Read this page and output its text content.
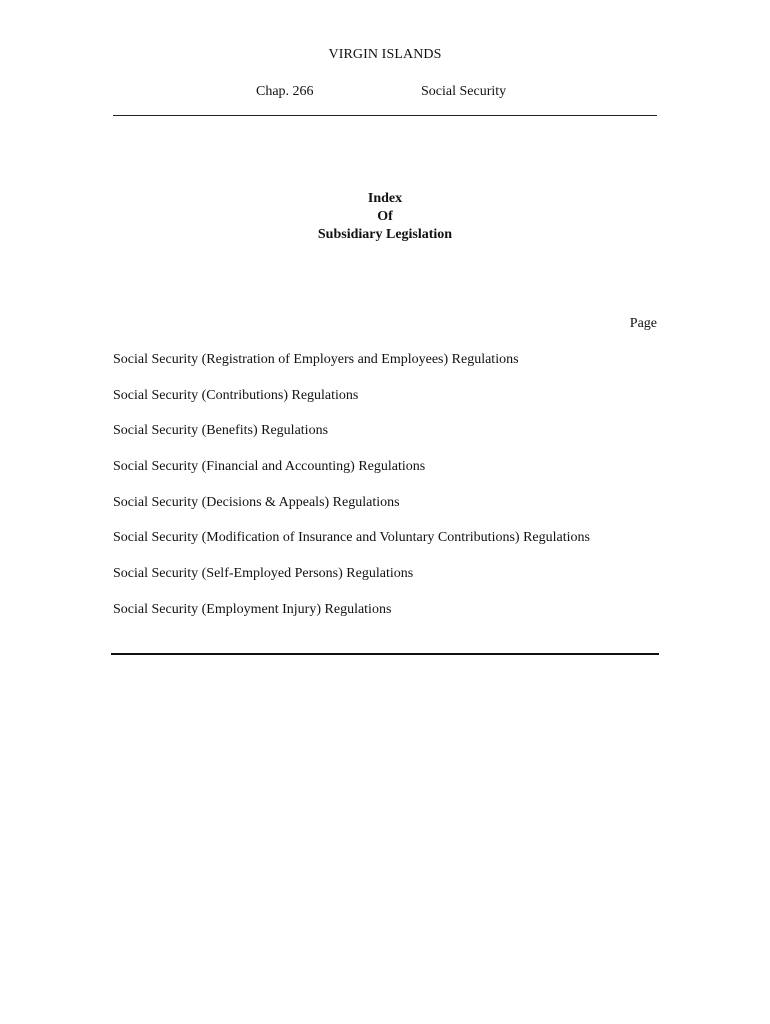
VIRGIN ISLANDS
Chap. 266	Social Security
Index
Of
Subsidiary Legislation
Page
Social Security (Registration of Employers and Employees) Regulations
Social Security (Contributions) Regulations
Social Security (Benefits) Regulations
Social Security (Financial and Accounting) Regulations
Social Security (Decisions & Appeals) Regulations
Social Security (Modification of Insurance and Voluntary Contributions) Regulations
Social Security (Self-Employed Persons) Regulations
Social Security (Employment Injury) Regulations
